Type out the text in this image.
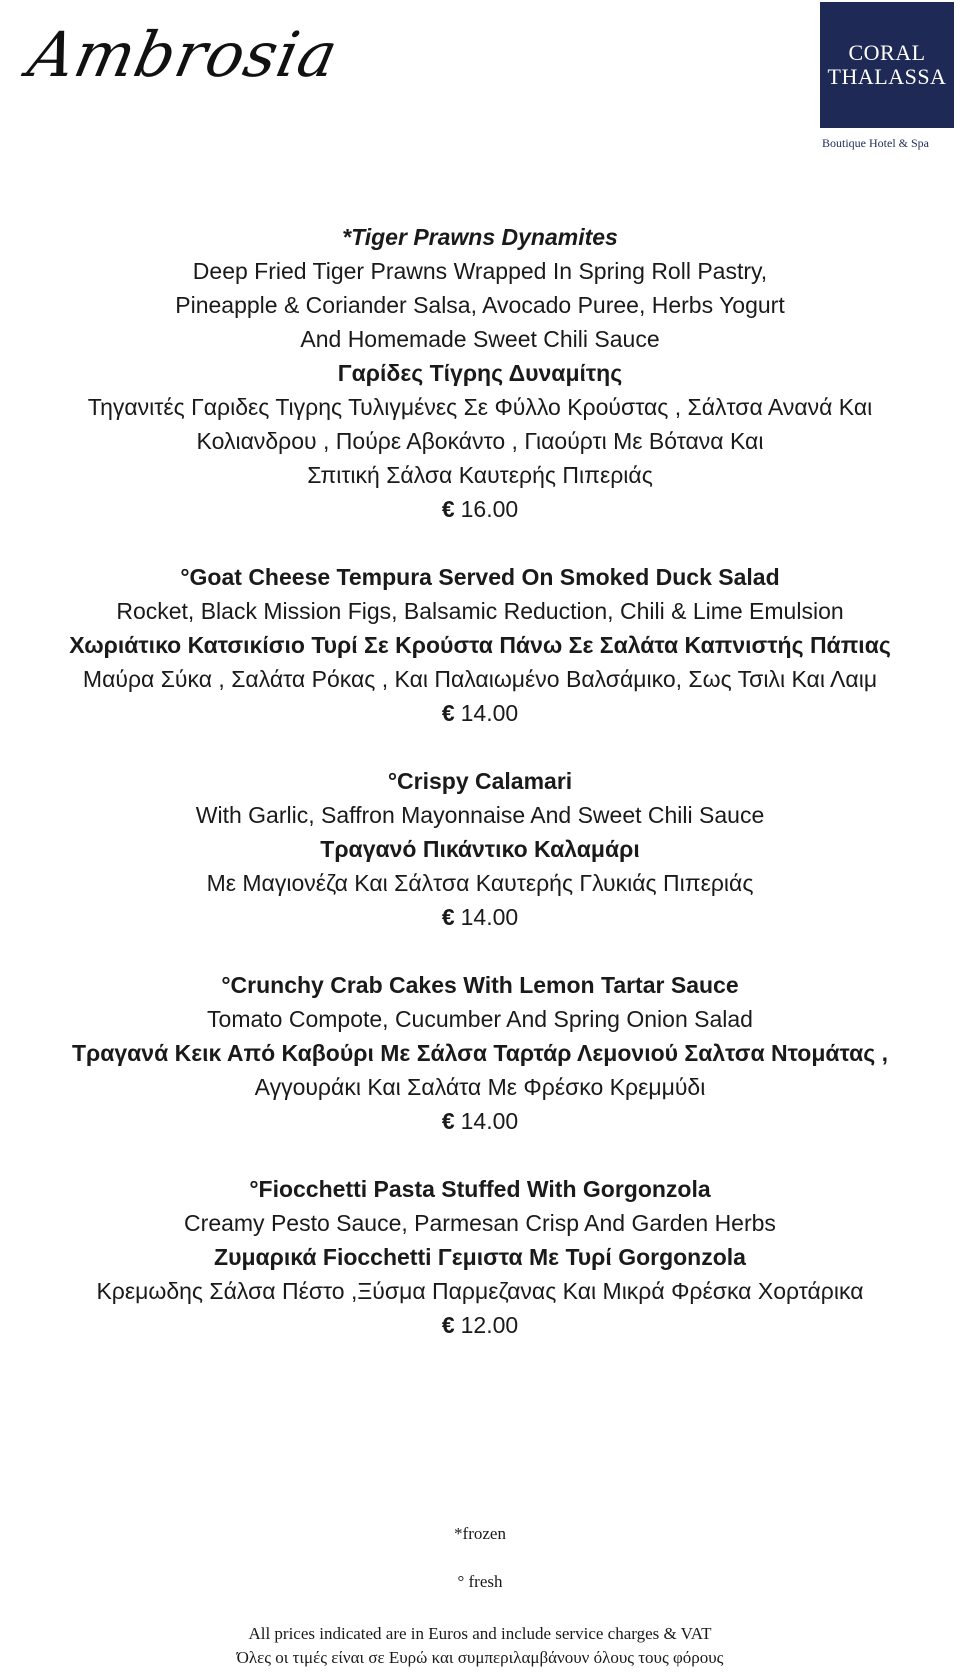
Ambrosia	CORAL
THALASSA
Boutique Hotel & Spa
*Tiger Prawns Dynamites
Deep Fried Tiger Prawns Wrapped In Spring Roll Pastry,
Pineapple & Coriander Salsa, Avocado Puree, Herbs Yogurt
And Homemade Sweet Chili Sauce
Γαρίδες Τίγρης Δυναμίτης
Τηγανιτές Γαριδες Τιγρης Τυλιγμένες Σε Φύλλο Κρούστας , Σάλτσα Ανανά Και
Κολιανδρου , Πούρε Αβοκάντο , Γιαούρτι Με Βότανα Και
Σπιτική Σάλσα Καυτερής Πιπεριάς
€ 16.00
°Goat Cheese Tempura Served On Smoked Duck Salad
Rocket, Black Mission Figs, Balsamic Reduction, Chili & Lime Emulsion
Χωριάτικο Κατσικίσιο Τυρί Σε Κρούστα Πάνω Σε Σαλάτα Καπνιστής Πάπιας
Μαύρα Σύκα , Σαλάτα Ρόκας , Και Παλαιωμένο Βαλσάμικο, Σως Τσιλι Και Λαιμ
€ 14.00
°Crispy Calamari
With Garlic, Saffron Mayonnaise And Sweet Chili Sauce
Τραγανό Πικάντικο Καλαμάρι
Με Μαγιονέζα Και Σάλτσα Καυτερής Γλυκιάς Πιπεριάς
€ 14.00
°Crunchy Crab Cakes With Lemon Tartar Sauce
Tomato Compote, Cucumber And Spring Onion Salad
Τραγανά Κεικ Από Καβούρι Με Σάλσα Ταρτάρ Λεμονιού Σαλτσα Ντομάτας ,
Αγγουράκι Και Σαλάτα Με Φρέσκο Κρεμμύδι
€ 14.00
°Fiocchetti Pasta Stuffed With Gorgonzola
Creamy Pesto Sauce, Parmesan Crisp And Garden Herbs
Ζυμαρικά Fiocchetti Γεμιστα Με Τυρί Gorgonzola
Κρεμωδης Σάλσα Πέστο ,Ξύσμα Παρμεζανας Και Μικρά Φρέσκα Χορτάρικα
€ 12.00
*frozen
° fresh
All prices indicated are in Euros and include service charges & VAT
Όλες οι τιμές είναι σε Ευρώ και συμπεριλαμβάνουν όλους τους φόρους
